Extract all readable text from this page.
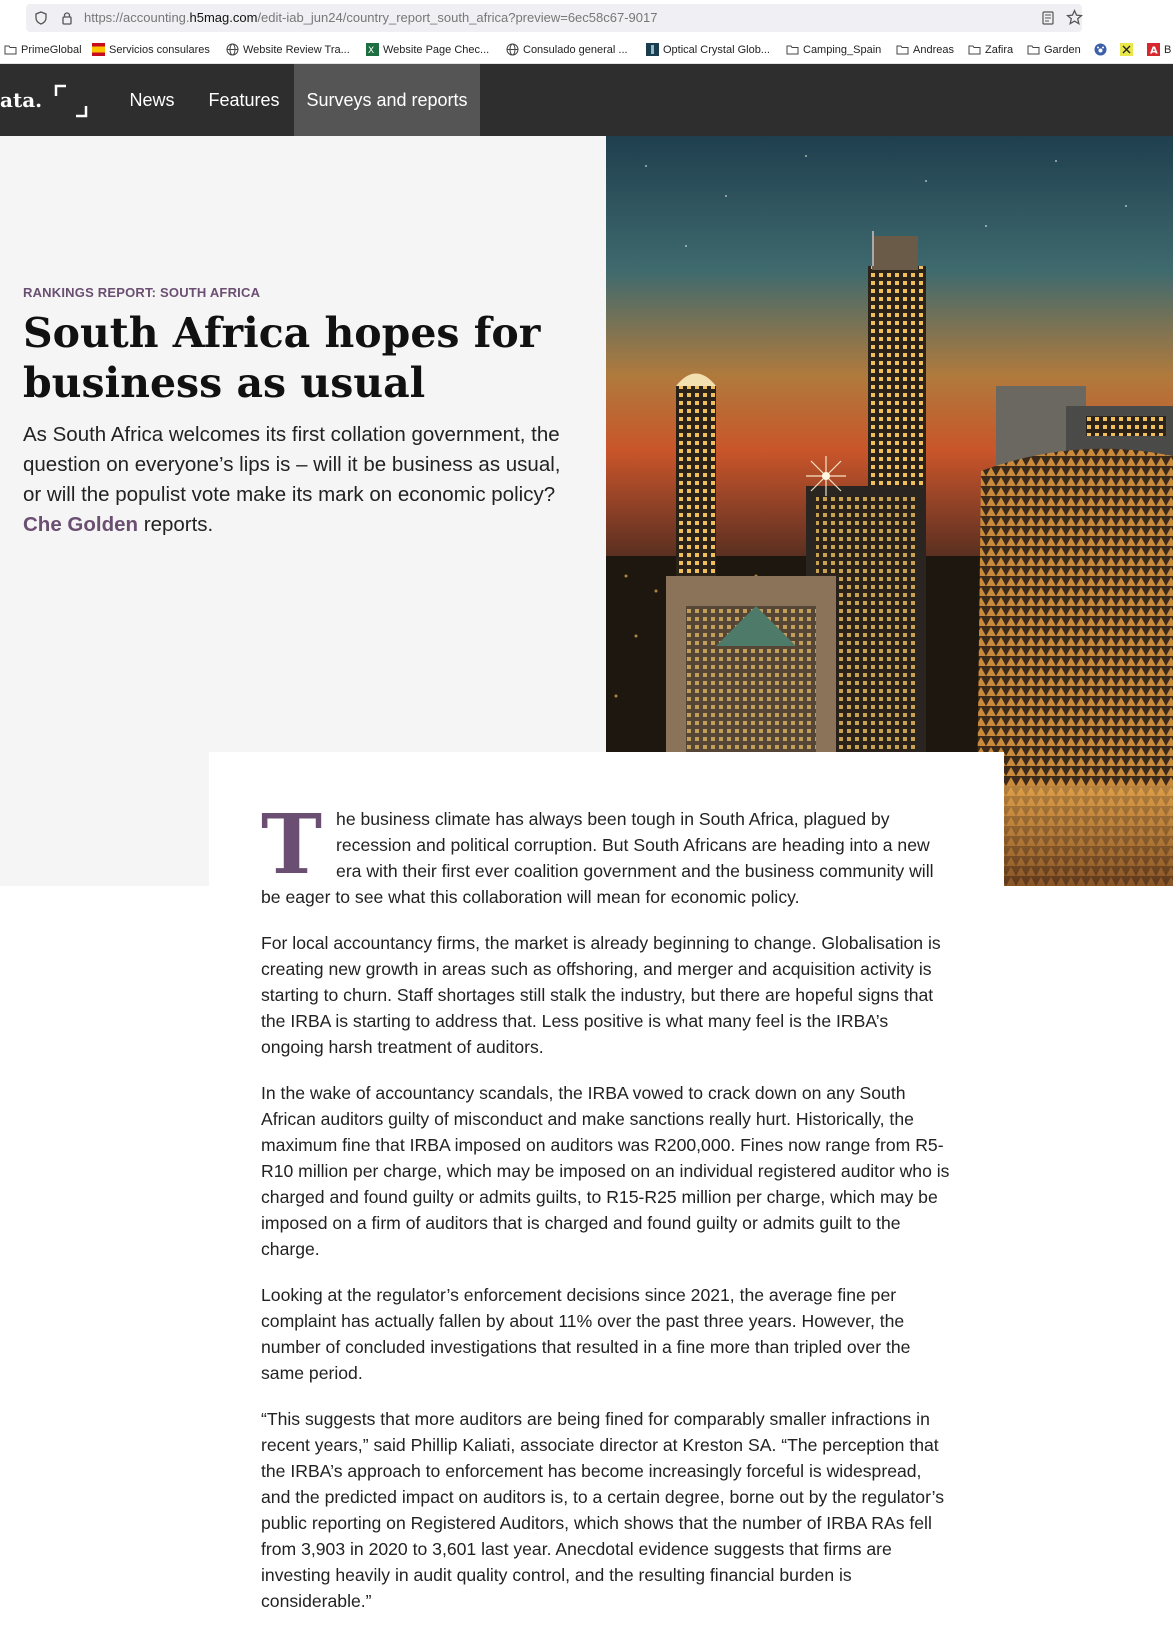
https://accounting.h5mag.com/edit-iab_jun24/country_report_south_africa?preview=6ec58c67-9017
PrimeGlobal Servicios consulares	Website Review Tra... X Website Page Chec...	Consulado general ...	Optical Crystal Glob...	Camping_Spain	Andreas	Zafira	Garden	A B
ata.	News	Features	Surveys and reports
RANKINGS REPORT: SOUTH AFRICA
South Africa hopes for business as usual

As South Africa welcomes its first collation government, the question on everyone’s lips is – will it be business as usual, or will the populist vote make its mark on economic policy? Che Golden reports.

The business climate has always been tough in South Africa, plagued by recession and political corruption. But South Africans are heading into a new era with their first ever coalition government and the business community will be eager to see what this collaboration will mean for economic policy.

For local accountancy firms, the market is already beginning to change. Globalisation is creating new growth in areas such as offshoring, and merger and acquisition activity is starting to churn. Staff shortages still stalk the industry, but there are hopeful signs that the IRBA is starting to address that. Less positive is what many feel is the IRBA’s ongoing harsh treatment of auditors.

In the wake of accountancy scandals, the IRBA vowed to crack down on any South African auditors guilty of misconduct and make sanctions really hurt. Historically, the maximum fine that IRBA imposed on auditors was R200,000. Fines now range from R5-R10 million per charge, which may be imposed on an individual registered auditor who is charged and found guilty or admits guilts, to R15-R25 million per charge, which may be imposed on a firm of auditors that is charged and found guilty or admits guilt to the charge.

Looking at the regulator’s enforcement decisions since 2021, the average fine per complaint has actually fallen by about 11% over the past three years. However, the number of concluded investigations that resulted in a fine more than tripled over the same period.

“This suggests that more auditors are being fined for comparably smaller infractions in recent years,” said Phillip Kaliati, associate director at Kreston SA. “The perception that the IRBA’s approach to enforcement has become increasingly forceful is widespread, and the predicted impact on auditors is, to a certain degree, borne out by the regulator’s public reporting on Registered Auditors, which shows that the number of IRBA RAs fell from 3,903 in 2020 to 3,601 last year. Anecdotal evidence suggests that firms are investing heavily in audit quality control, and the resulting financial burden is considerable.”
